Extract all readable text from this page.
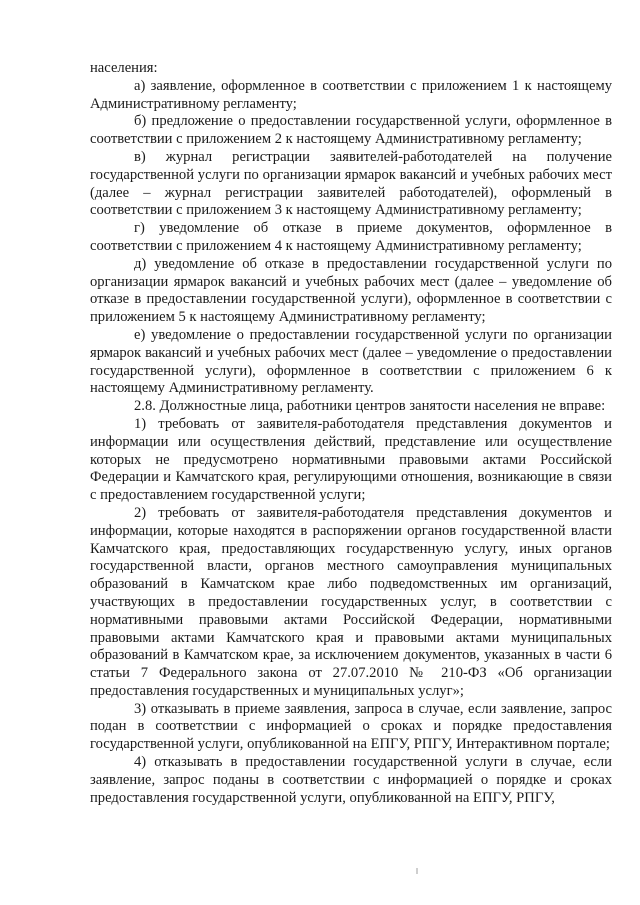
населения:

а) заявление, оформленное в соответствии с приложением 1 к настоящему Административному регламенту;

б) предложение о предоставлении государственной услуги, оформленное в соответствии с приложением 2 к настоящему Административному регламенту;

в) журнал регистрации заявителей-работодателей на получение государственной услуги по организации ярмарок вакансий и учебных рабочих мест (далее – журнал регистрации заявителей работодателей), оформленый в соответствии с приложением 3 к настоящему Административному регламенту;

г) уведомление об отказе в приеме документов, оформленное в соответствии с приложением 4 к настоящему Административному регламенту;

д) уведомление об отказе в предоставлении государственной услуги по организации ярмарок вакансий и учебных рабочих мест (далее – уведомление об отказе в предоставлении государственной услуги), оформленное в соответствии с приложением 5 к настоящему Административному регламенту;

е) уведомление о предоставлении государственной услуги по организации ярмарок вакансий и учебных рабочих мест (далее – уведомление о предоставлении государственной услуги), оформленное в соответствии с приложением 6 к настоящему Административному регламенту.

2.8. Должностные лица, работники центров занятости населения не вправе:

1) требовать от заявителя-работодателя представления документов и информации или осуществления действий, представление или осуществление которых не предусмотрено нормативными правовыми актами Российской Федерации и Камчатского края, регулирующими отношения, возникающие в связи с предоставлением государственной услуги;

2) требовать от заявителя-работодателя представления документов и информации, которые находятся в распоряжении органов государственной власти Камчатского края, предоставляющих государственную услугу, иных органов государственной власти, органов местного самоуправления муниципальных образований в Камчатском крае либо подведомственных им организаций, участвующих в предоставлении государственных услуг, в соответствии с нормативными правовыми актами Российской Федерации, нормативными правовыми актами Камчатского края и правовыми актами муниципальных образований в Камчатском крае, за исключением документов, указанных в части 6 статьи 7 Федерального закона от 27.07.2010 № 210-ФЗ «Об организации предоставления государственных и муниципальных услуг»;

3) отказывать в приеме заявления, запроса в случае, если заявление, запрос подан в соответствии с информацией о сроках и порядке предоставления государственной услуги, опубликованной на ЕПГУ, РПГУ, Интерактивном портале;

4) отказывать в предоставлении государственной услуги в случае, если заявление, запрос поданы в соответствии с информацией о порядке и сроках предоставления государственной услуги, опубликованной на ЕПГУ, РПГУ,
